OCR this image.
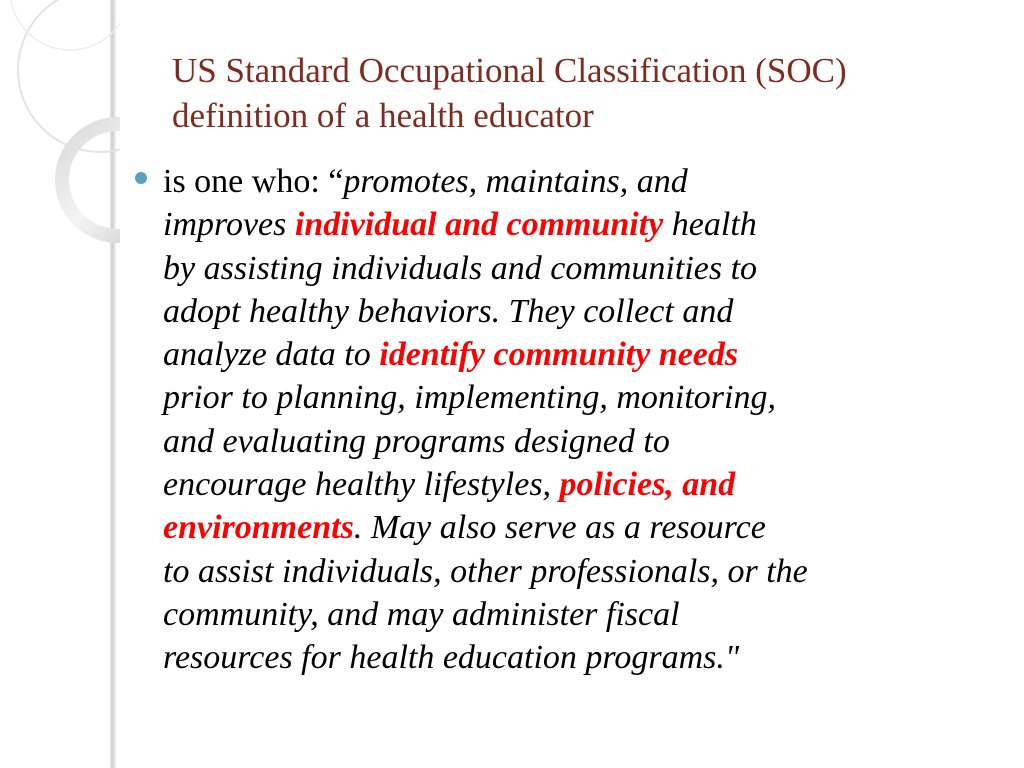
US Standard Occupational Classification (SOC)
definition of a health educator

is one who: “promotes, maintains, and
improves individual and community health
by assisting individuals and communities to
adopt healthy behaviors. They collect and
analyze data to identify community needs
prior to planning, implementing, monitoring,
and evaluating programs designed to
encourage healthy lifestyles, policies, and
environments. May also serve as a resource
to assist individuals, other professionals, or the
community, and may administer fiscal
resources for health education programs."
